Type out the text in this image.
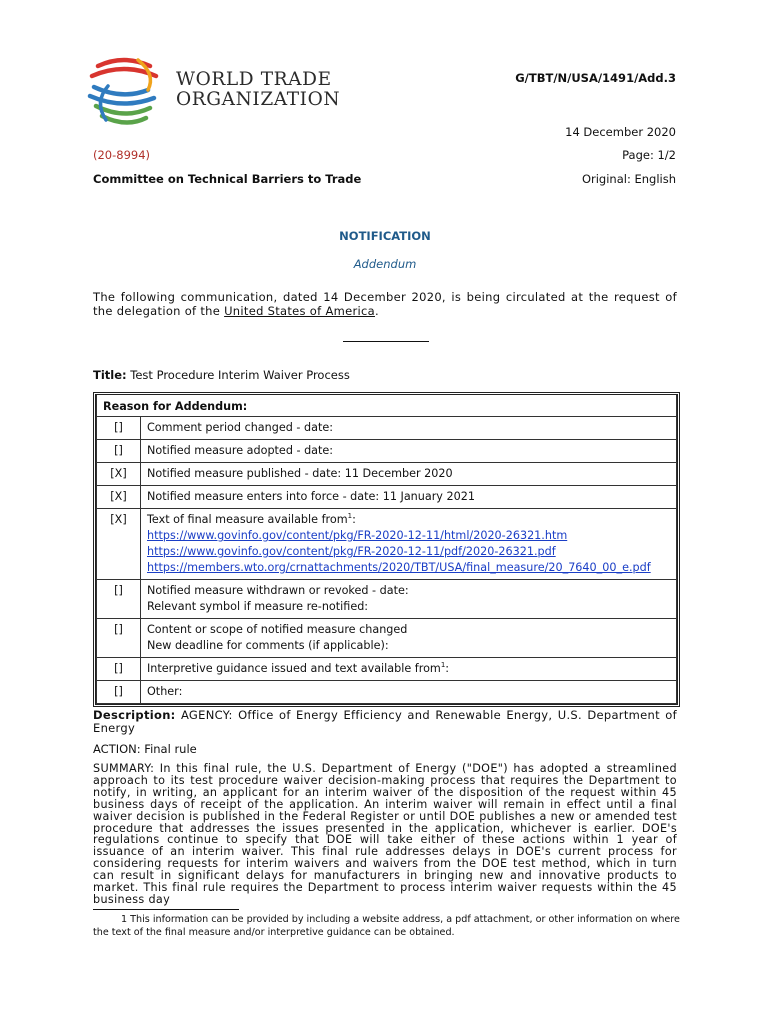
WORLD TRADE
ORGANIZATION
G/TBT/N/USA/1491/Add.3
14 December 2020
(20-8994)	Page: 1/2
Committee on Technical Barriers to Trade	Original: English
NOTIFICATION
Addendum
The following communication, dated 14 December 2020, is being circulated at the request of the delegation of the United States of America.
Title: Test Procedure Interim Waiver Process
Reason for Addendum:	
[]	Comment period changed - date:

[]	Notified measure adopted - date:

[X]	Notified measure published - date: 11 December 2020

[X]	Notified measure enters into force - date: 11 January 2021

[X]	Text of final measure available from$^1$:
https://www.govinfo.gov/content/pkg/FR-2020-12-11/html/2020-26321.htm
https://www.govinfo.gov/content/pkg/FR-2020-12-11/pdf/2020-26321.pdf
https://members.wto.org/crnattachments/2020/TBT/USA/final_measure/20_7640_00_e.pdf

[]	Notified measure withdrawn or revoked - date:
Relevant symbol if measure re-notified:

[]	Content or scope of notified measure changed
New deadline for comments (if applicable):

[]	Interpretive guidance issued and text available from$^1$:

[]	Other:
Description: AGENCY: Office of Energy Efficiency and Renewable Energy, U.S. Department of Energy
ACTION: Final rule
SUMMARY: In this final rule, the U.S. Department of Energy ("DOE") has adopted a streamlined approach to its test procedure waiver decision-making process that requires the Department to notify, in writing, an applicant for an interim waiver of the disposition of the request within 45 business days of receipt of the application. An interim waiver will remain in effect until a final waiver decision is published in the Federal Register or until DOE publishes a new or amended test procedure that addresses the issues presented in the application, whichever is earlier. DOE's regulations continue to specify that DOE will take either of these actions within 1 year of issuance of an interim waiver. This final rule addresses delays in DOE's current process for considering requests for interim waivers and waivers from the DOE test method, which in turn can result in significant delays for manufacturers in bringing new and innovative products to market. This final rule requires the Department to process interim waiver requests within the 45 business day
1 This information can be provided by including a website address, a pdf attachment, or other information on where the text of the final measure and/or interpretive guidance can be obtained.
